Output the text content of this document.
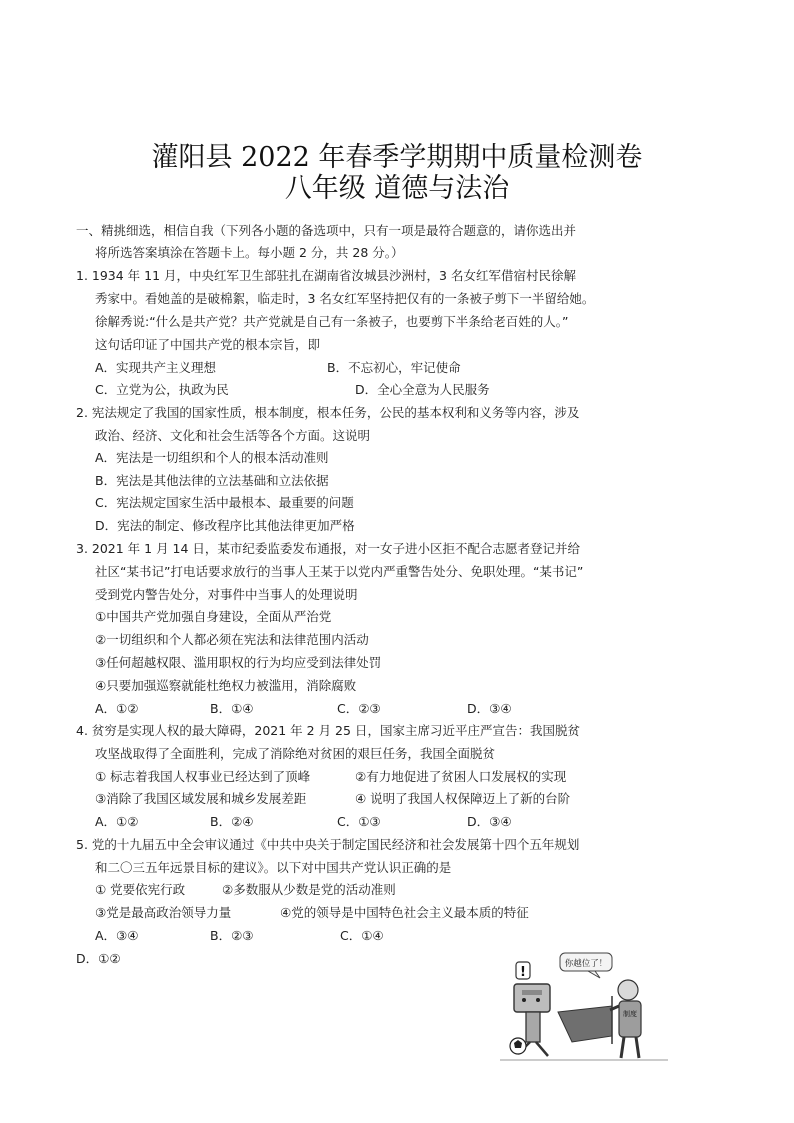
灌阳县 2022 年春季学期期中质量检测卷
八年级 道德与法治
一、精挑细选，相信自我（下列各小题的备选项中，只有一项是最符合题意的，请你选出并
将所选答案填涂在答题卡上。每小题 2 分，共 28 分。）
1. 1934 年 11 月，中央红军卫生部驻扎在湖南省汝城县沙洲村，3 名女红军借宿村民徐解
秀家中。看她盖的是破棉絮，临走时，3 名女红军坚持把仅有的一条被子剪下一半留给她。
徐解秀说:“什么是共产党？共产党就是自己有一条被子，也要剪下半条给老百姓的人。”
这句话印证了中国共产党的根本宗旨，即
A．实现共产主义理想	B．不忘初心，牢记使命
C．立党为公，执政为民	D．全心全意为人民服务
2. 宪法规定了我国的国家性质，根本制度，根本任务，公民的基本权利和义务等内容，涉及
政治、经济、文化和社会生活等各个方面。这说明
A．宪法是一切组织和个人的根本活动准则
B．宪法是其他法律的立法基础和立法依据
C．宪法规定国家生活中最根本、最重要的问题
D．宪法的制定、修改程序比其他法律更加严格
3. 2021 年 1 月 14 日，某市纪委监委发布通报，对一女子进小区拒不配合志愿者登记并给
社区“某书记”打电话要求放行的当事人王某于以党内严重警告处分、免职处理。“某书记”
受到党内警告处分，对事件中当事人的处理说明
①中国共产党加强自身建设，全面从严治党
②一切组织和个人都必须在宪法和法律范围内活动
③任何超越权限、滥用职权的行为均应受到法律处罚
④只要加强巡察就能杜绝权力被滥用，消除腐败
A．①②	B．①④	C．②③	D．③④
4. 贫穷是实现人权的最大障碍，2021 年 2 月 25 日，国家主席习近平庄严宣告：我国脱贫
攻坚战取得了全面胜利，完成了消除绝对贫困的艰巨任务，我国全面脱贫
① 标志着我国人权事业已经达到了顶峰	②有力地促进了贫困人口发展权的实现
③消除了我国区域发展和城乡发展差距	④ 说明了我国人权保障迈上了新的台阶
A．①②	B．②④	C．①③	D．③④
5. 党的十九届五中全会审议通过《中共中央关于制定国民经济和社会发展第十四个五年规划
和二〇三五年远景目标的建议》。以下对中国共产党认识正确的是
① 党要依宪行政	②多数服从少数是党的活动准则
③党是最高政治领导力量	④党的领导是中国特色社会主义最本质的特征
A．③④	B．②③	C．①④
D．①②	你越位了！
!
制度
